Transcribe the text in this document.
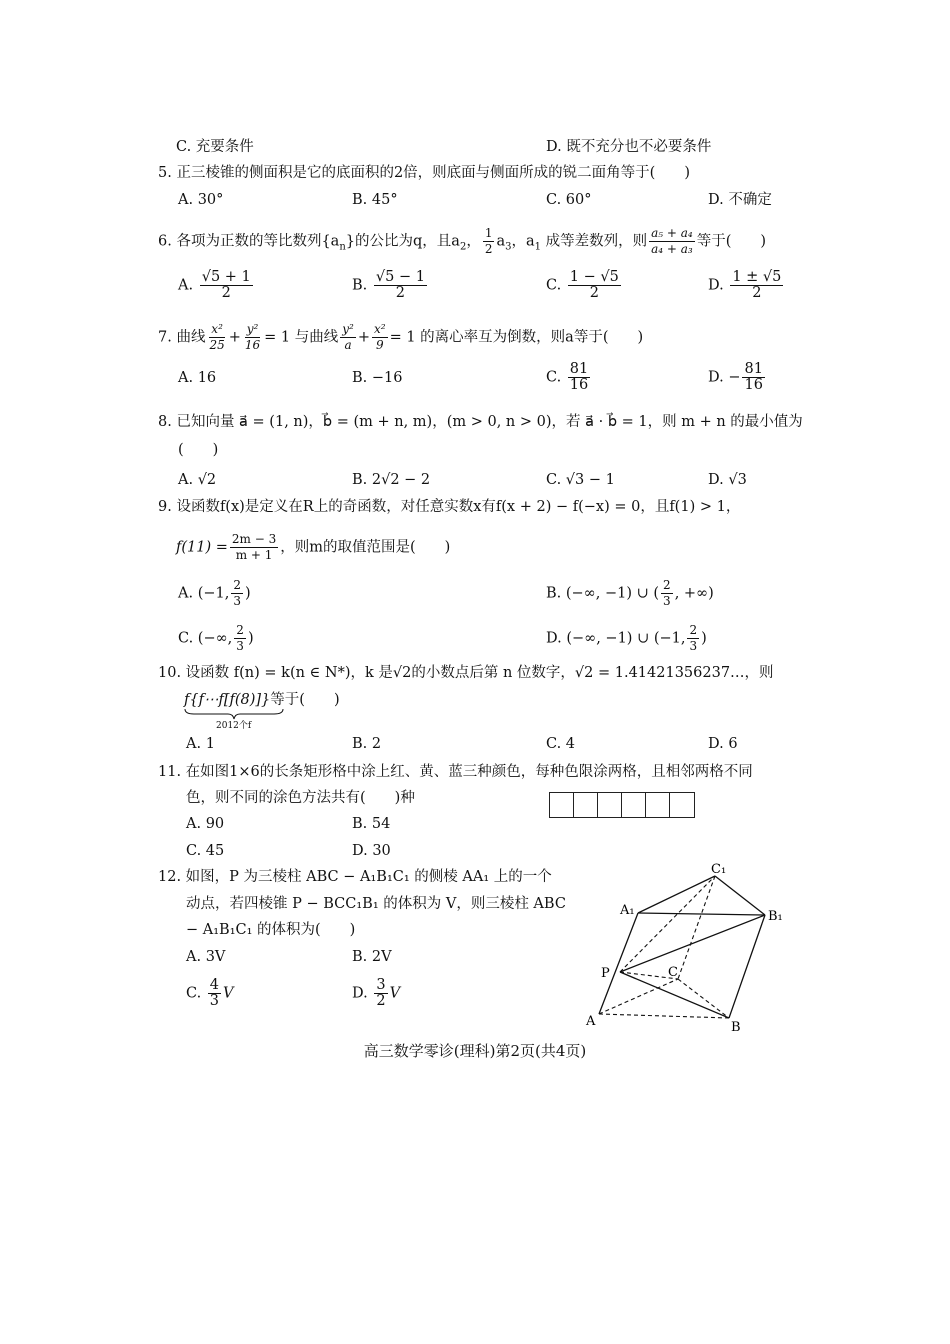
C. 充要条件	D. 既不充分也不必要条件
5. 正三棱锥的侧面积是它的底面积的2倍，则底面与侧面所成的锐二面角等于(　　)
A. 30°	B. 45°	C. 60°	D. 不确定
6. 各项为正数的等比数列$\{a_n\}$的公比为q，且$a_2$， $\frac{1}{2} a_3$，$a_1$ 成等差数列，则 $\frac{\text{a₅ + a₄}}{\text{a₄ + a₃}}$ 等于(　　)
A. $\frac{√5 + 1}{2}$	B. $\frac{√5 - 1}{2}$	C. $\frac{1 - √5}{2}$	D. $\frac{1 \pm √5}{2}$
7. 曲线 $\frac{\text{x²}}{25} + \frac{\text{y²}}{16} = 1$ 与曲线 $\frac{\text{y²}}{a} + \frac{\text{x²}}{9} = 1$ 的离心率互为倒数，则a等于(　　)
A. 16	B. −16	C. $\frac{81}{16}$	D. − $\frac{81}{16}$
8. 已知向量 a⃗ = (1, n)，b⃗ = (m + n, m)，(m > 0, n > 0)，若 a⃗ · b⃗ = 1，则 m + n 的最小值为
(　　)
A. √2	B. 2√2 − 2	C. √3 − 1	D. √3
9. 设函数f(x)是定义在R上的奇函数，对任意实数x有f(x + 2) − f(−x) = 0，且f(1) > 1，
$f(11) = \frac{2m - 3}{m + 1}$ ，则m的取值范围是(　　)
A. (−1, $\frac{2}{3}$ )	B. (−∞, −1) ∪ ( $\frac{2}{3}$ , +∞)
C. (−∞, $\frac{2}{3}$ )	D. (−∞, −1) ∪ (−1, $\frac{2}{3}$ )
10. 设函数 f(n) = k(n ∈ N*)，k 是√2的小数点后第 n 位数字，√2 = 1.41421356237…，则
f{f⋯f[f(8)]}等于(　　)
2012个f
A. 1	B. 2	C. 4	D. 6
11. 在如图1×6的长条矩形格中涂上红、黄、蓝三种颜色，每种色限涂两格，且相邻两格不同
色，则不同的涂色方法共有(　　)种
A. 90	B. 54
C. 45	D. 30
12. 如图，P 为三棱柱 ABC − A₁B₁C₁ 的侧棱 AA₁ 上的一个
动点，若四棱锥 P − BCC₁B₁ 的体积为 V，则三棱柱 ABC
− A₁B₁C₁ 的体积为(　　)
A. 3V	B. 2V
C. $\frac{4}{3}$ V	D. $\frac{3}{2}$ V
C₁
A₁	B₁
P	C
A	B
高三数学零诊(理科)第2页(共4页)
